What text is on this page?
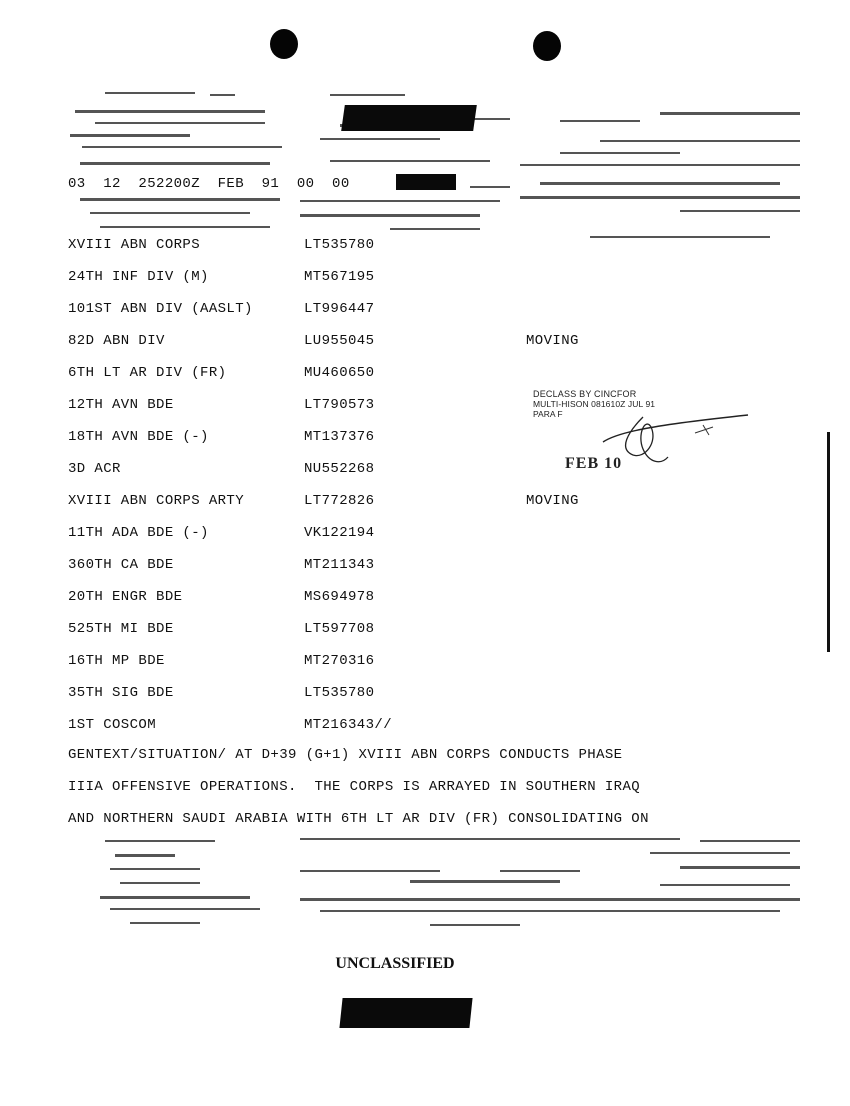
03  12  252200Z  FEB  91  00  00
XVIII ABN CORPS	LT535780
24TH INF DIV (M)	MT567195
101ST ABN DIV (AASLT)	LT996447
82D ABN DIV	LU955045	MOVING
6TH LT AR DIV (FR)	MU460650
12TH AVN BDE	LT790573
18TH AVN BDE (-)	MT137376
3D ACR	NU552268
XVIII ABN CORPS ARTY	LT772826	MOVING
11TH ADA BDE (-)	VK122194
360TH CA BDE	MT211343
20TH ENGR BDE	MS694978
525TH MI BDE	LT597708
16TH MP BDE	MT270316
35TH SIG BDE	LT535780
1ST COSCOM	MT216343//
DECLASS BY CINCFOR
MULTI-HISON 081610Z JUL 91
PARA F
FEB 10
GENTEXT/SITUATION/ AT D+39 (G+1) XVIII ABN CORPS CONDUCTS PHASE
IIIA OFFENSIVE OPERATIONS.  THE CORPS IS ARRAYED IN SOUTHERN IRAQ
AND NORTHERN SAUDI ARABIA WITH 6TH LT AR DIV (FR) CONSOLIDATING ON
UNCLASSIFIED
